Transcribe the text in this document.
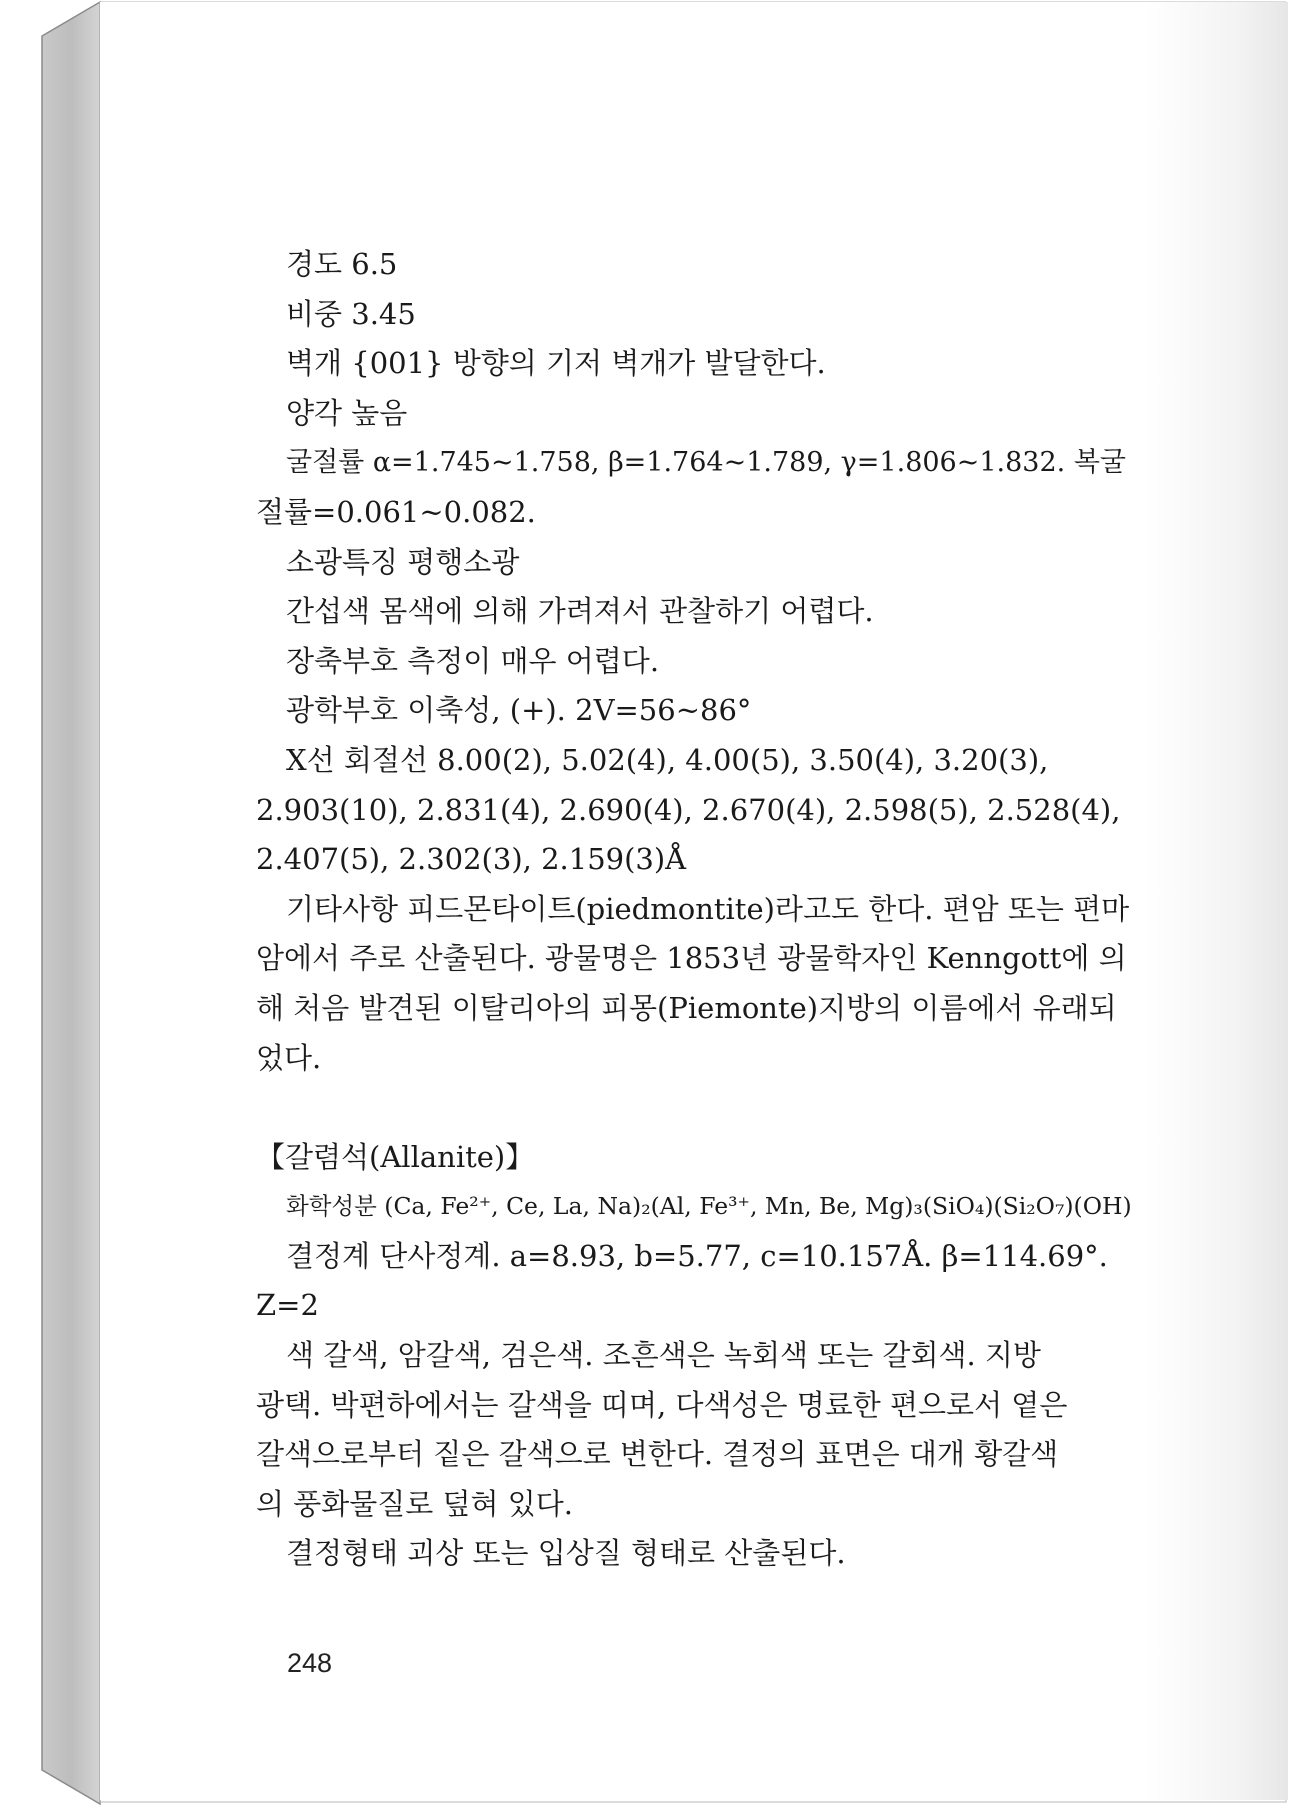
경도 6.5
비중 3.45
벽개 {001} 방향의 기저 벽개가 발달한다.
양각 높음
굴절률 α=1.745~1.758, β=1.764~1.789, γ=1.806~1.832. 복굴
절률=0.061~0.082.
소광특징 평행소광
간섭색 몸색에 의해 가려져서 관찰하기 어렵다.
장축부호 측정이 매우 어렵다.
광학부호 이축성, (+). 2V=56~86°
X선 회절선 8.00(2), 5.02(4), 4.00(5), 3.50(4), 3.20(3),
2.903(10), 2.831(4), 2.690(4), 2.670(4), 2.598(5), 2.528(4),
2.407(5), 2.302(3), 2.159(3)Å
기타사항 피드몬타이트(piedmontite)라고도 한다. 편암 또는 편마
암에서 주로 산출된다. 광물명은 1853년 광물학자인 Kenngott에 의
해 처음 발견된 이탈리아의 피몽(Piemonte)지방의 이름에서 유래되
었다.
【갈렴석(Allanite)】
화학성분 (Ca, Fe²⁺, Ce, La, Na)₂(Al, Fe³⁺, Mn, Be, Mg)₃(SiO₄)(Si₂O₇)(OH)
결정계 단사정계. a=8.93, b=5.77, c=10.157Å. β=114.69°.
Z=2
색 갈색, 암갈색, 검은색. 조흔색은 녹회색 또는 갈회색. 지방
광택. 박편하에서는 갈색을 띠며, 다색성은 명료한 편으로서 옅은
갈색으로부터 짙은 갈색으로 변한다. 결정의 표면은 대개 황갈색
의 풍화물질로 덮혀 있다.
결정형태 괴상 또는 입상질 형태로 산출된다.
248
